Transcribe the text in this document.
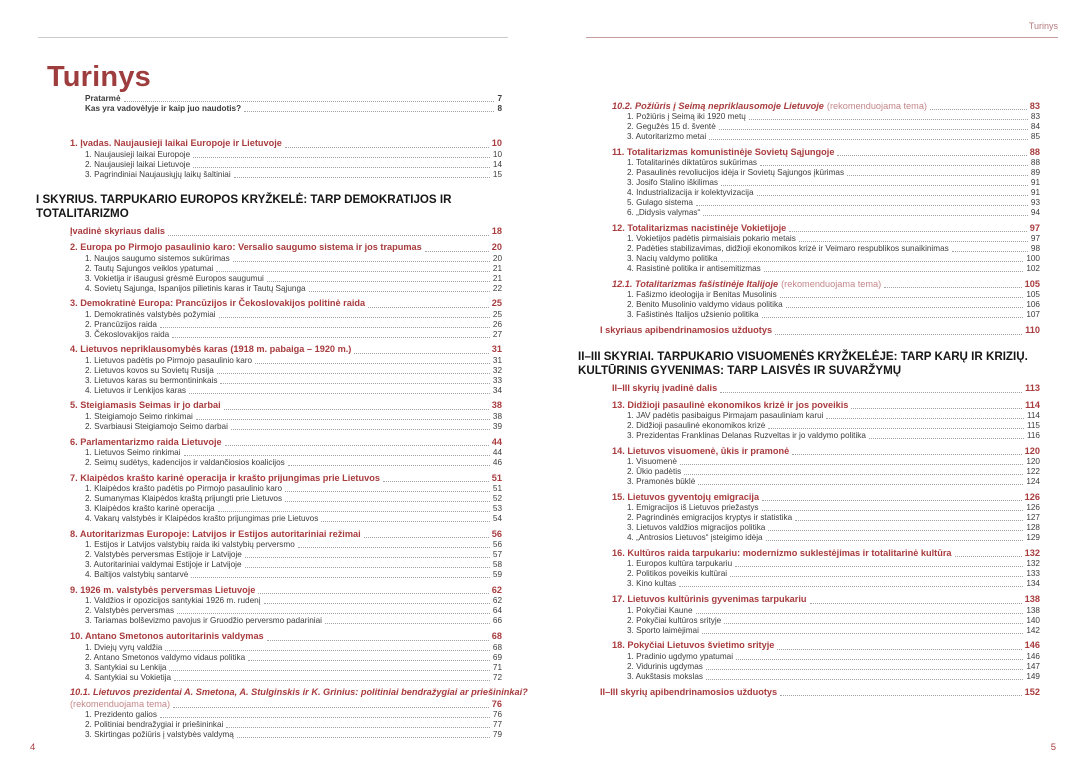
Turinys
Turinys
Pratarmė	7
Kas yra vadovėlyje ir kaip juo naudotis?	8
1. Įvadas. Naujausieji laikai Europoje ir Lietuvoje	10
1. Naujausieji laikai Europoje	10
2. Naujausieji laikai Lietuvoje	14
3. Pagrindiniai Naujausiųjų laikų šaltiniai	15
I SKYRIUS. TARPUKARIO EUROPOS KRYŽKELĖ: TARP DEMOKRATIJOS IR TOTALITARIZMO
Įvadinė skyriaus dalis	18
2. Europa po Pirmojo pasaulinio karo: Versalio saugumo sistema ir jos trapumas	20
1. Naujos saugumo sistemos sukūrimas	20
2. Tautų Sąjungos veiklos ypatumai	21
3. Vokietija ir išaugusi grėsmė Europos saugumui	21
4. Sovietų Sąjunga, Ispanijos pilietinis karas ir Tautų Sąjunga	22
3. Demokratinė Europa: Prancūzijos ir Čekoslovakijos politinė raida	25
1. Demokratinės valstybės požymiai	25
2. Prancūzijos raida	26
3. Čekoslovakijos raida	27
4. Lietuvos nepriklausomybės karas (1918 m. pabaiga – 1920 m.)	31
1. Lietuvos padėtis po Pirmojo pasaulinio karo	31
2. Lietuvos kovos su Sovietų Rusija	32
3. Lietuvos karas su bermontininkais	33
4. Lietuvos ir Lenkijos karas	34
5. Steigiamasis Seimas ir jo darbai	38
1. Steigiamojo Seimo rinkimai	38
2. Svarbiausi Steigiamojo Seimo darbai	39
6. Parlamentarizmo raida Lietuvoje	44
1. Lietuvos Seimo rinkimai	44
2. Seimų sudėtys, kadencijos ir valdančiosios koalicijos	46
7. Klaipėdos krašto karinė operacija ir krašto prijungimas prie Lietuvos	51
1. Klaipėdos krašto padėtis po Pirmojo pasaulinio karo	51
2. Sumanymas Klaipėdos kraštą prijungti prie Lietuvos	52
3. Klaipėdos krašto karinė operacija	53
4. Vakarų valstybės ir Klaipėdos krašto prijungimas prie Lietuvos	54
8. Autoritarizmas Europoje: Latvijos ir Estijos autoritariniai režimai	56
1. Estijos ir Latvijos valstybių raida iki valstybių perversmo	56
2. Valstybės perversmas Estijoje ir Latvijoje	57
3. Autoritariniai valdymai Estijoje ir Latvijoje	58
4. Baltijos valstybių santarvė	59
9. 1926 m. valstybės perversmas Lietuvoje	62
1. Valdžios ir opozicijos santykiai 1926 m. rudenį	62
2. Valstybės perversmas	64
3. Tariamas bolševizmo pavojus ir Gruodžio perversmo padariniai	66
10. Antano Smetonos autoritarinis valdymas	68
1. Dviejų vyrų valdžia	68
2. Antano Smetonos valdymo vidaus politika	69
3. Santykiai su Lenkija	71
4. Santykiai su Vokietija	72
10.1. Lietuvos prezidentai A. Smetona, A. Stulginskis ir K. Grinius: politiniai bendražygiai ar priešininkai?
(rekomenduojama tema)	76
1. Prezidento galios	76
2. Politiniai bendražygiai ir priešininkai	77
3. Skirtingas požiūris į valstybės valdymą	79
10.2. Požiūris į Seimą nepriklausomoje Lietuvoje (rekomenduojama tema)	83
1. Požiūris į Seimą iki 1920 metų	83
2. Gegužės 15 d. šventė	84
3. Autoritarizmo metai	85
11. Totalitarizmas komunistinėje Sovietų Sąjungoje	88
1. Totalitarinės diktatūros sukūrimas	88
2. Pasaulinės revoliucijos idėja ir Sovietų Sąjungos įkūrimas	89
3. Josifo Stalino iškilimas	91
4. Industrializacija ir kolektyvizacija	91
5. Gulago sistema	93
6. „Didysis valymas“	94
12. Totalitarizmas nacistinėje Vokietijoje	97
1. Vokietijos padėtis pirmaisiais pokario metais	97
2. Padėties stabilizavimas, didžioji ekonomikos krizė ir Veimaro respublikos sunaikinimas	98
3. Nacių valdymo politika	100
4. Rasistinė politika ir antisemitizmas	102
12.1. Totalitarizmas fašistinėje Italijoje (rekomenduojama tema)	105
1. Fašizmo ideologija ir Benitas Musolinis	105
2. Benito Musolinio valdymo vidaus politika	106
3. Fašistinės Italijos užsienio politika	107
I skyriaus apibendrinamosios užduotys	110
II–III SKYRIAI. TARPUKARIO VISUOMENĖS KRYŽKELĖJE: TARP KARŲ IR KRIZIŲ. KULTŪRINIS GYVENIMAS: TARP LAISVĖS IR SUVARŽYMŲ
II–III skyrių įvadinė dalis	113
13. Didžioji pasaulinė ekonomikos krizė ir jos poveikis	114
1. JAV padėtis pasibaigus Pirmajam pasauliniam karui	114
2. Didžioji pasaulinė ekonomikos krizė	115
3. Prezidentas Franklinas Delanas Ruzveltas ir jo valdymo politika	116
14. Lietuvos visuomenė, ūkis ir pramonė	120
1. Visuomenė	120
2. Ūkio padėtis	122
3. Pramonės būklė	124
15. Lietuvos gyventojų emigracija	126
1. Emigracijos iš Lietuvos priežastys	126
2. Pagrindinės emigracijos kryptys ir statistika	127
3. Lietuvos valdžios migracijos politika	128
4. „Antrosios Lietuvos“ įsteigimo idėja	129
16. Kultūros raida tarpukariu: modernizmo suklestėjimas ir totalitarinė kultūra	132
1. Europos kultūra tarpukariu	132
2. Politikos poveikis kultūrai	133
3. Kino kultas	134
17. Lietuvos kultūrinis gyvenimas tarpukariu	138
1. Pokyčiai Kaune	138
2. Pokyčiai kultūros srityje	140
3. Sporto laimėjimai	142
18. Pokyčiai Lietuvos švietimo srityje	146
1. Pradinio ugdymo ypatumai	146
2. Vidurinis ugdymas	147
3. Aukštasis mokslas	149
II–III skyrių apibendrinamosios užduotys	152
4	5
